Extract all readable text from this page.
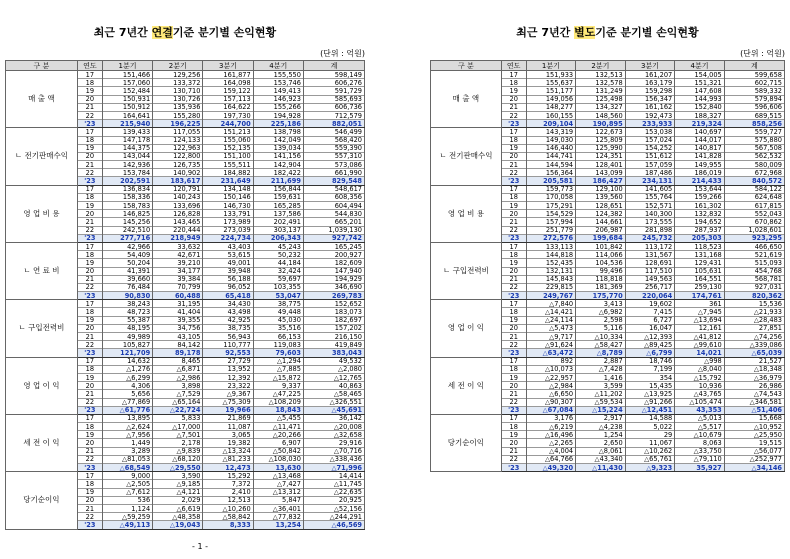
최근 7년간 연결기준 분기별 손익현황
(단위 : 억원)
구 분	연도	1분기	2분기	3분기	4분기	계
매 출 액	17	151,466	129,256	161,877	155,550	598,149
	18	157,060	133,372	164,098	153,746	606,276
	19	152,484	130,710	159,122	149,413	591,729
	20	150,931	130,726	157,113	146,923	585,693
	21	150,912	135,936	164,622	155,266	606,736
	22	164,641	155,280	197,730	194,928	712,579
	'23	215,940	196,225	244,700	225,186	882,051
ㄴ 전기판매수익	17	139,433	117,055	151,213	138,798	546,499
	18	147,178	124,133	155,060	142,049	568,420
	19	144,375	122,963	152,135	139,034	559,390
	20	143,044	122,800	151,100	141,156	557,310
	21	142,936	126,735	155,511	142,904	573,086
	22	153,784	140,902	184,882	182,422	661,990
	'23	202,591	183,617	231,649	211,699	829,548
영 업 비 용	17	136,834	120,791	134,148	156,844	548,617
	18	158,336	140,243	150,146	159,631	608,356
	19	158,783	133,696	146,730	165,285	604,494
	20	146,825	126,828	133,791	137,586	544,830
	21	145,256	143,465	173,989	202,491	665,201
	22	242,510	220,444	273,039	303,137	1,039,130
	'23	277,716	218,949	224,734	206,343	927,742
ㄴ 연 료 비	17	42,966	33,632	43,403	45,243	165,245
	18	54,409	42,671	53,615	50,232	200,927
	19	50,204	39,210	49,001	44,184	182,609
	20	41,391	34,177	39,948	32,424	147,940
	21	39,660	39,384	56,188	59,697	194,929
	22	76,484	70,799	96,052	103,355	346,690
	'23	90,830	60,488	65,418	53,047	269,783
ㄴ 구입전력비	17	38,243	31,195	34,430	38,775	152,652
	18	48,723	41,404	43,498	49,448	183,073
	19	55,387	39,355	42,925	45,030	182,697
	20	48,195	34,756	38,735	35,516	157,202
	21	49,989	43,105	56,943	66,153	216,150
	22	105,827	84,142	110,777	119,083	419,849
	'23	121,709	89,178	92,553	79,603	383,043
영 업 이 익	17	14,632	8,465	27,729	△1,294	49,532
	18	△1,276	△6,871	13,952	△7,885	△2,080
	19	△6,299	△2,986	12,392	△15,872	△12,765
	20	4,306	3,898	23,322	9,337	40,863
	21	5,656	△7,529	△9,367	△47,225	△58,465
	22	△77,869	△65,164	△75,309	△108,209	△326,551
	'23	△61,776	△22,724	19,966	18,843	△45,691
세 전 이 익	17	13,895	5,833	21,869	△5,455	36,142
	18	△2,624	△17,000	11,087	△11,471	△20,008
	19	△7,956	△7,501	3,065	△20,266	△32,658
	20	1,449	2,178	19,382	6,907	29,916
	21	3,289	△9,839	△13,324	△50,842	△70,716
	22	△81,053	△68,120	△81,233	△108,030	△338,436
	'23	△68,549	△29,550	12,473	13,630	△71,996
당기순이익	17	9,000	3,590	15,292	△13,468	14,414
	18	△2,505	△9,185	7,372	△7,427	△11,745
	19	△7,612	△4,121	2,410	△13,312	△22,635
	20	536	2,029	12,513	5,847	20,925
	21	1,124	△6,619	△10,260	△36,401	△52,156
	22	△59,259	△48,358	△58,842	△77,832	△244,291
	'23	△49,113	△19,043	8,333	13,254	△46,569
최근 7년간 별도기준 분기별 손익현황
(단위 : 억원)
구 분	연도	1분기	2분기	3분기	4분기	계
매 출 액	17	151,933	132,513	161,207	154,005	599,658
	18	155,637	132,578	163,179	151,321	602,715
	19	151,177	131,249	159,298	147,608	589,332
	20	149,056	125,498	156,347	144,993	579,894
	21	148,277	134,327	161,162	152,840	596,606
	22	160,155	148,560	192,473	188,327	689,515
	'23	209,104	190,895	233,933	219,324	858,256
ㄴ 전기판매수익	17	143,319	122,673	153,038	140,697	559,727
	18	149,030	125,809	157,024	144,017	575,880
	19	146,440	125,990	154,252	140,817	567,508
	20	144,741	124,351	151,612	141,828	562,532
	21	144,594	128,401	157,059	149,955	580,009
	22	156,364	143,099	187,486	186,019	672,968
	'23	205,581	186,427	234,131	214,433	840,572
영 업 비 용	17	159,773	129,100	141,605	153,644	584,122
	18	170,058	139,560	155,764	159,266	624,648
	19	175,291	128,651	152,571	161,302	617,815
	20	154,529	124,382	140,300	132,832	552,043
	21	157,994	144,661	173,555	194,652	670,862
	22	251,779	206,987	281,898	287,937	1,028,601
	'23	272,576	199,684	245,732	205,303	923,295
ㄴ 구입전력비	17	133,113	101,842	113,172	118,523	466,650
	18	144,818	114,066	131,567	131,168	521,619
	19	152,435	104,536	128,691	129,431	515,093
	20	132,131	99,496	117,510	105,631	454,768
	21	145,843	118,818	149,563	164,551	568,781
	22	229,815	181,369	256,717	259,130	927,031
	'23	249,767	175,770	220,064	174,761	820,362
영 업 이 익	17	△7,840	3,413	19,602	361	15,536
	18	△14,421	△6,982	7,415	△7,945	△21,933
	19	△24,114	2,598	6,727	△13,694	△28,483
	20	△5,473	5,116	16,047	12,161	27,851
	21	△9,717	△10,334	△12,393	△41,812	△74,256
	22	△91,624	△58,427	△89,425	△99,610	△339,086
	'23	△63,472	△8,789	△6,799	14,021	△65,039
세 전 이 익	17	892	2,887	18,746	△998	21,527
	18	△10,073	△7,428	7,199	△8,040	△18,348
	19	△22,957	1,416	354	△15,792	△36,979
	20	△2,984	3,599	15,435	10,936	26,986
	21	△6,650	△11,202	△13,925	△43,765	△74,543
	22	△90,307	△59,534	△91,266	△105,474	△346,581
	'23	△67,084	△15,224	△12,451	43,353	△51,406
당기순이익	17	3,176	2,917	14,588	△5,013	15,668
	18	△6,219	△4,238	5,022	△5,517	△10,952
	19	△16,496	1,254	29	△10,679	△25,950
	20	△2,265	2,650	11,067	8,063	19,515
	21	△4,004	△8,061	△10,262	△33,750	△56,077
	22	△64,766	△43,340	△65,761	△79,110	△252,977
	'23	△49,320	△11,430	△9,323	35,927	△34,146
- 1 -
